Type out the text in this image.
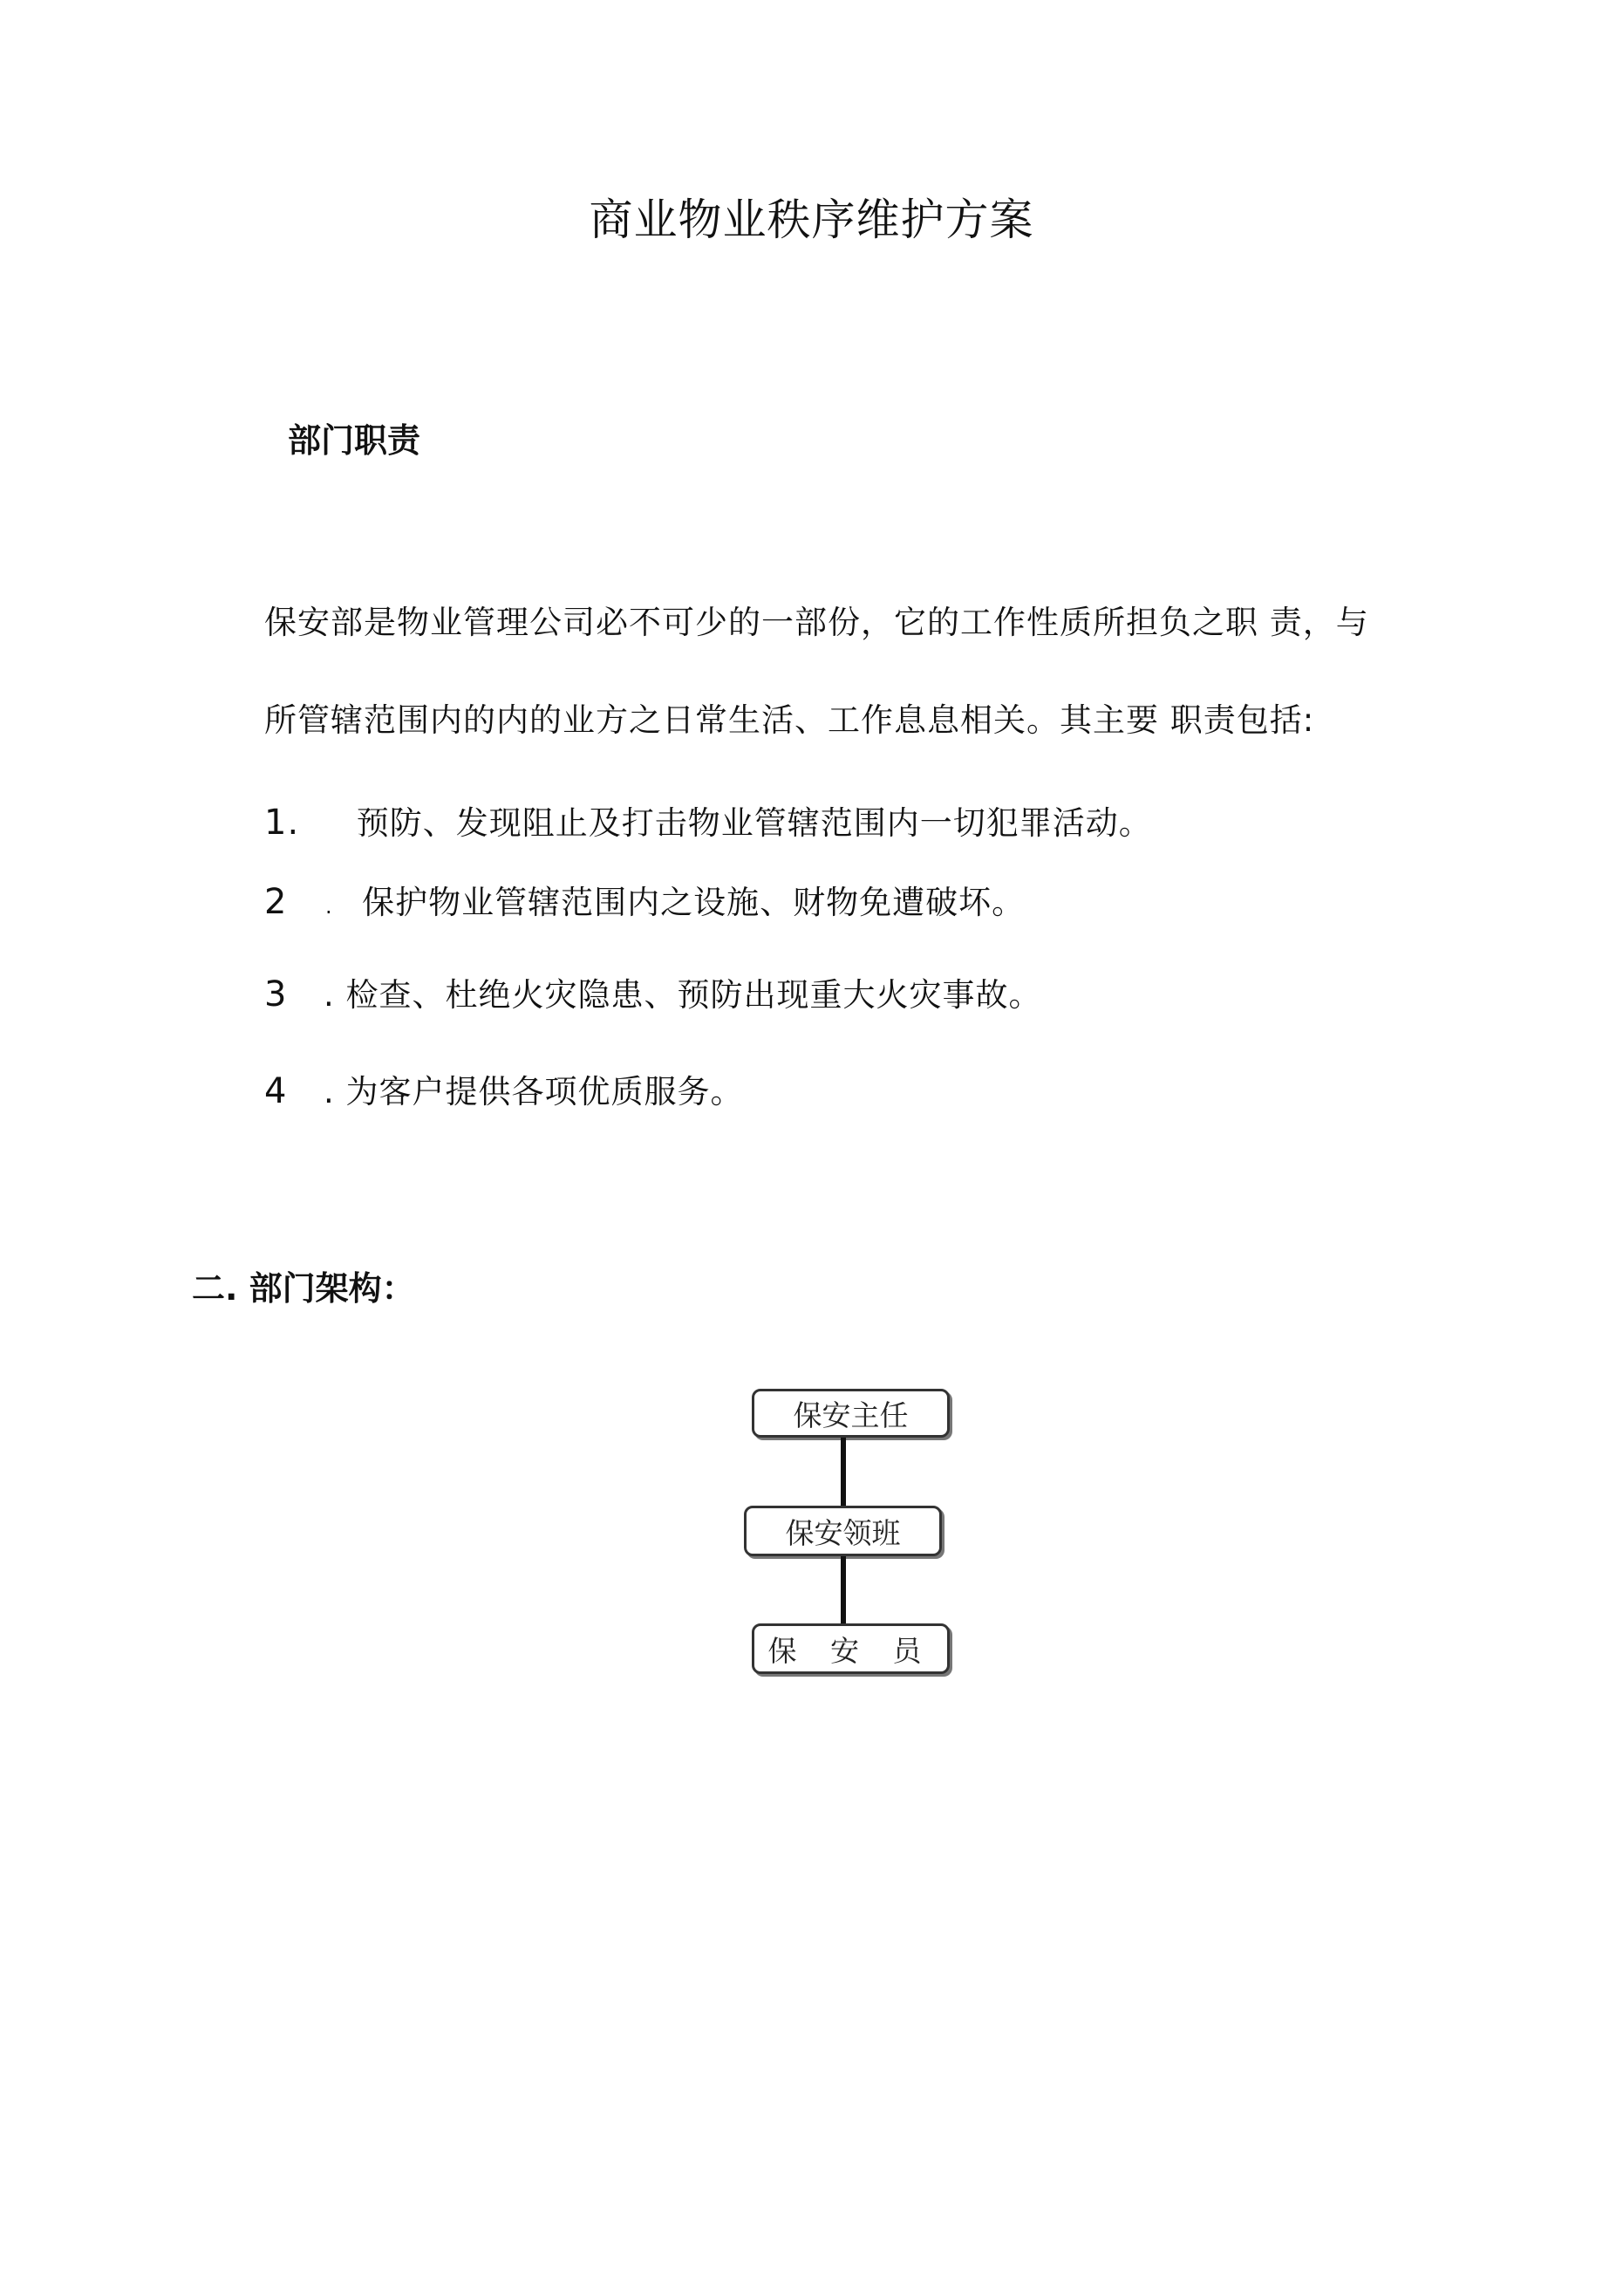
商业物业秩序维护方案
部门职责
保安部是物业管理公司必不可少的一部份，它的工作性质所担负之职 责，与
所管辖范围内的内的业方之日常生活、工作息息相关。其主要 职责包括:
1. 预防、发现阻止及打击物业管辖范围内一切犯罪活动。
2 . 保护物业管辖范围内之设施、财物免遭破坏。
3 . 检查、杜绝火灾隐患、预防出现重大火灾事故。
4 . 为客户提供各项优质服务。
二. 部门架构：
保安主任
保安领班
保 安 员
